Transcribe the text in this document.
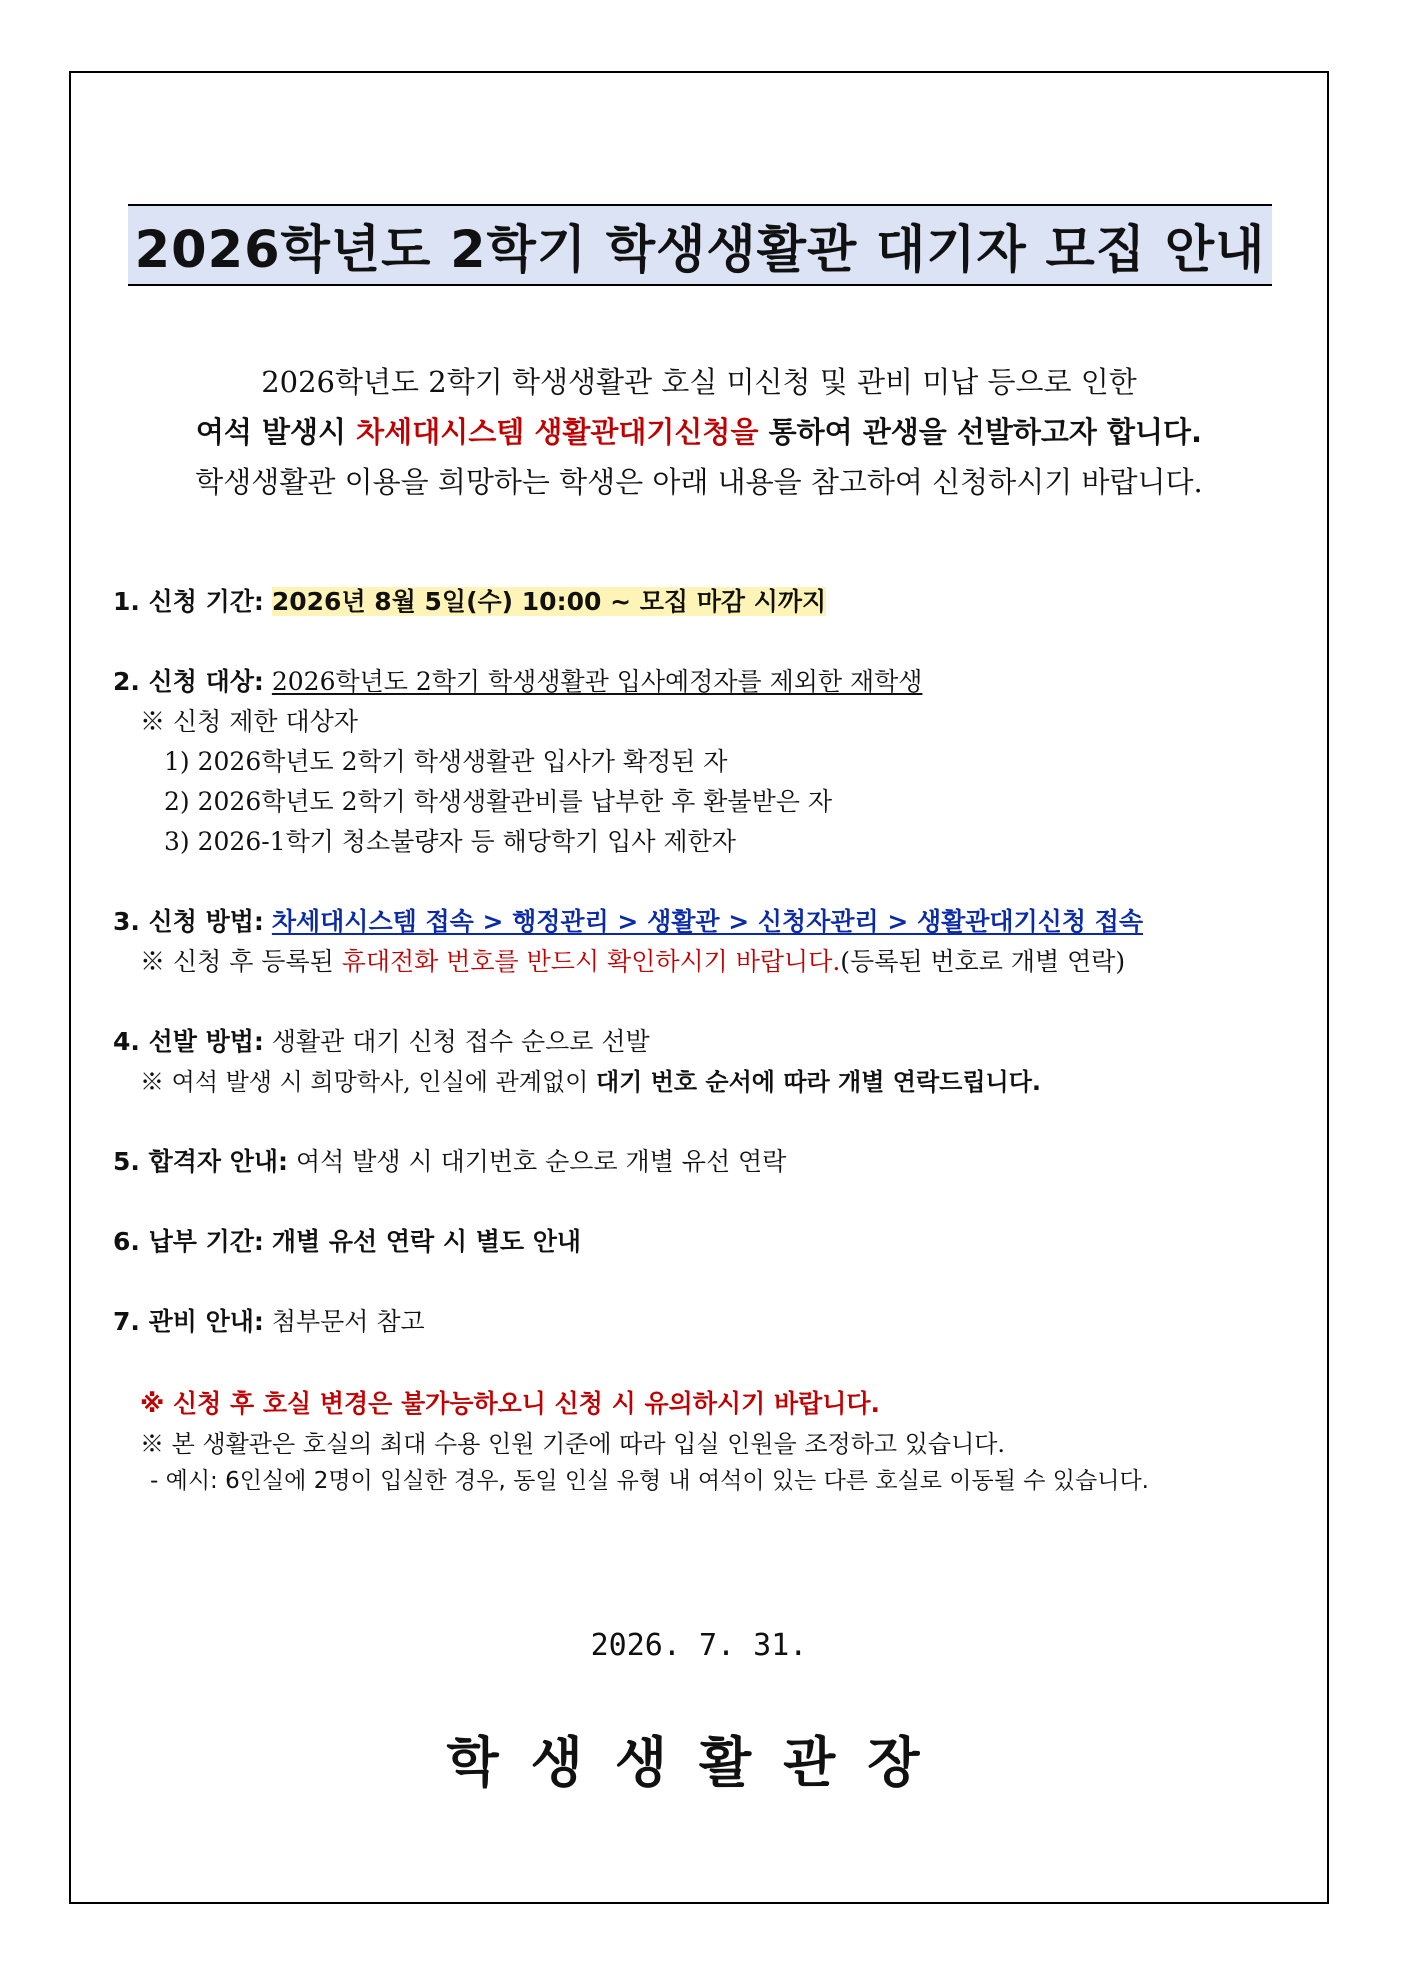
2026학년도 2학기 학생생활관 대기자 모집 안내
2026학년도 2학기 학생생활관 호실 미신청 및 관비 미납 등으로 인한
여석 발생시 차세대시스템 생활관대기신청을 통하여 관생을 선발하고자 합니다.
학생생활관 이용을 희망하는 학생은 아래 내용을 참고하여 신청하시기 바랍니다.
1. 신청 기간: 2026년 8월 5일(수) 10:00 ~ 모집 마감 시까지
2. 신청 대상: 2026학년도 2학기 학생생활관 입사예정자를 제외한 재학생
※ 신청 제한 대상자
1) 2026학년도 2학기 학생생활관 입사가 확정된 자
2) 2026학년도 2학기 학생생활관비를 납부한 후 환불받은 자
3) 2026-1학기 청소불량자 등 해당학기 입사 제한자
3. 신청 방법: 차세대시스템 접속 > 행정관리 > 생활관 > 신청자관리 > 생활관대기신청 접속
※ 신청 후 등록된 휴대전화 번호를 반드시 확인하시기 바랍니다.(등록된 번호로 개별 연락)
4. 선발 방법: 생활관 대기 신청 접수 순으로 선발
※ 여석 발생 시 희망학사, 인실에 관계없이 대기 번호 순서에 따라 개별 연락드립니다.
5. 합격자 안내: 여석 발생 시 대기번호 순으로 개별 유선 연락
6. 납부 기간: 개별 유선 연락 시 별도 안내
7. 관비 안내: 첨부문서 참고
※ 신청 후 호실 변경은 불가능하오니 신청 시 유의하시기 바랍니다.
※ 본 생활관은 호실의 최대 수용 인원 기준에 따라 입실 인원을 조정하고 있습니다.
- 예시: 6인실에 2명이 입실한 경우, 동일 인실 유형 내 여석이 있는 다른 호실로 이동될 수 있습니다.
2026. 7. 31.
학생생활관장
